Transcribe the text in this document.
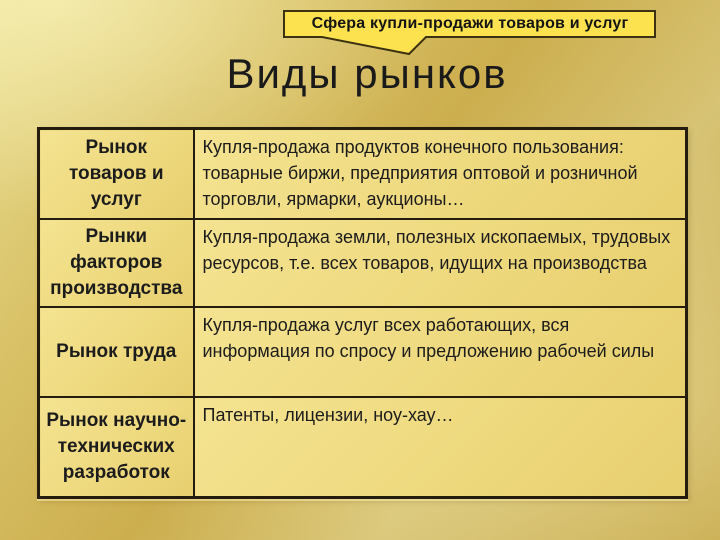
Сфера купли-продажи товаров и услуг
Виды рынков
Рынок товаров и услуг	Купля-продажа продуктов конечного пользования: товарные биржи, предприятия оптовой и розничной торговли, ярмарки, аукционы…
Рынки факторов производства	Купля-продажа земли, полезных ископаемых, трудовых ресурсов, т.е. всех товаров, идущих на производства
Рынок труда	Купля-продажа услуг всех работающих, вся информация по спросу и предложению рабочей силы
Рынок научно-технических разработок	Патенты, лицензии, ноу-хау…
